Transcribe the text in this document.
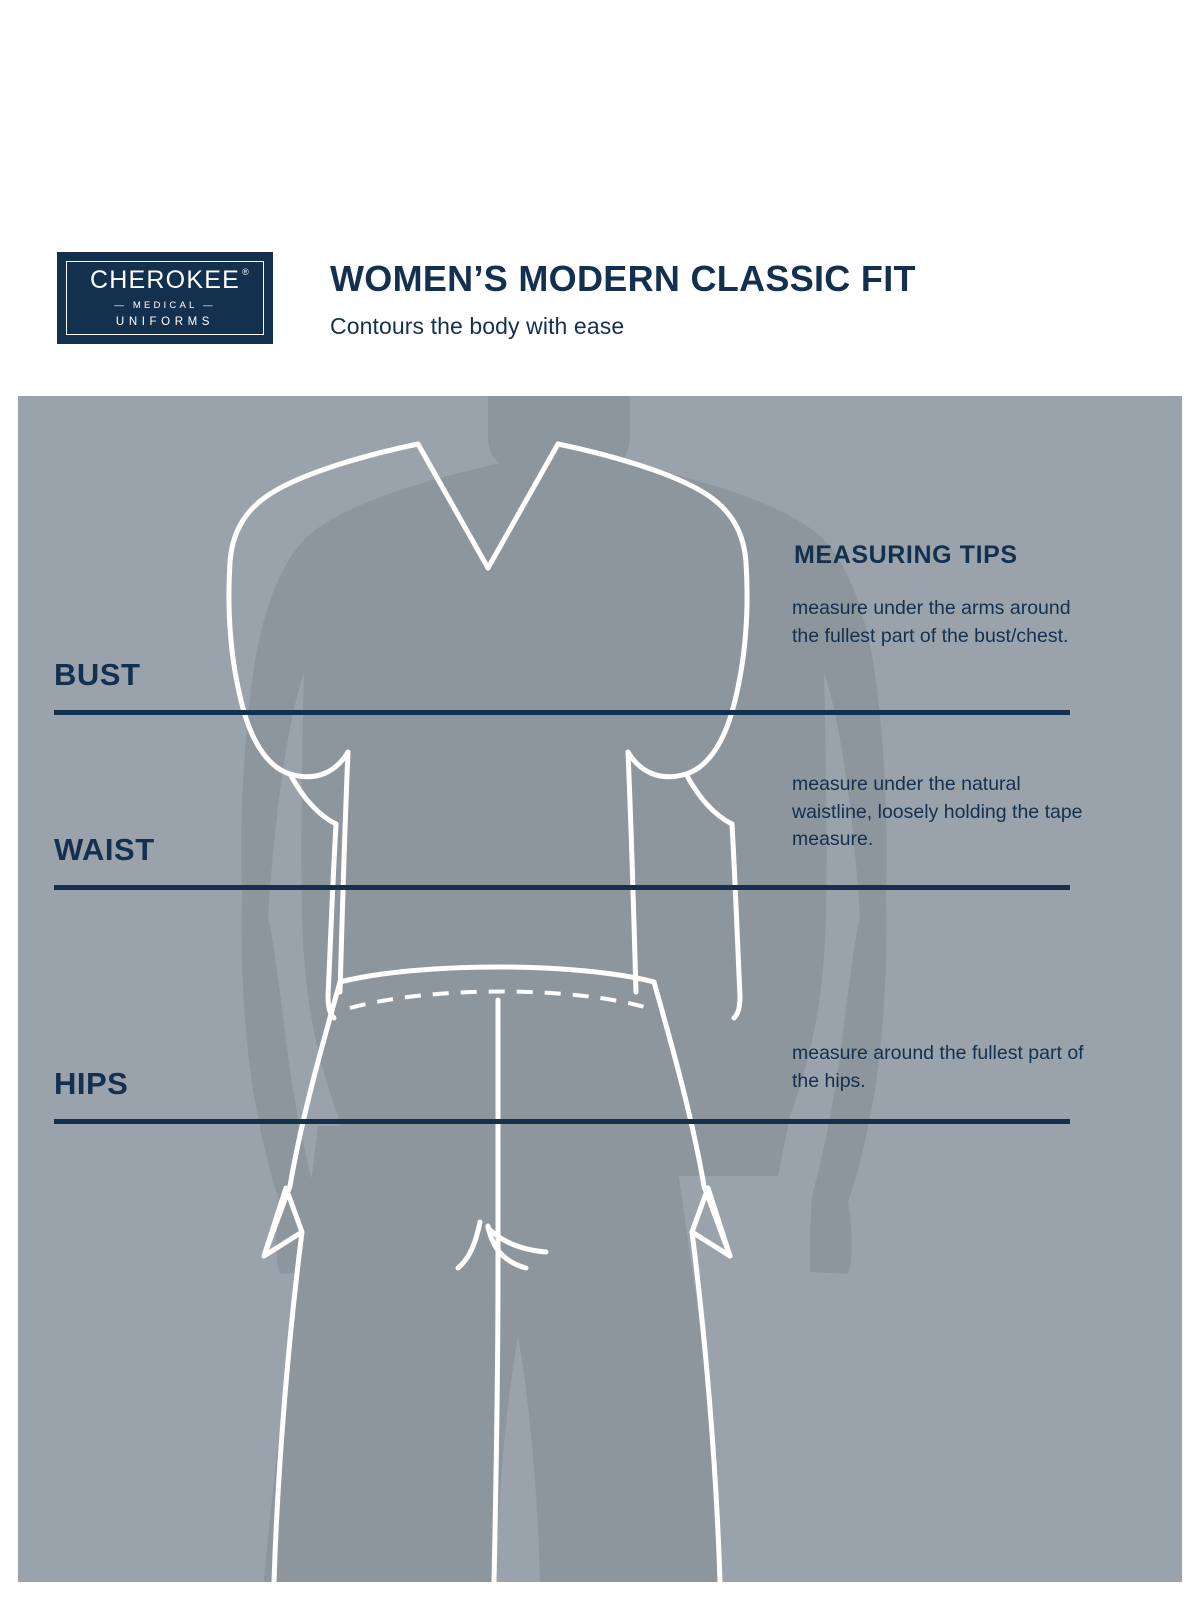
CHEROKEE ®
— MEDICAL —
UNIFORMS
WOMEN’S MODERN CLASSIC FIT
Contours the body with ease
BUST
WAIST
HIPS
MEASURING TIPS
measure under the arms around the fullest part of the bust/chest.
measure under the natural waistline, loosely holding the tape measure.
measure around the fullest part of the hips.
